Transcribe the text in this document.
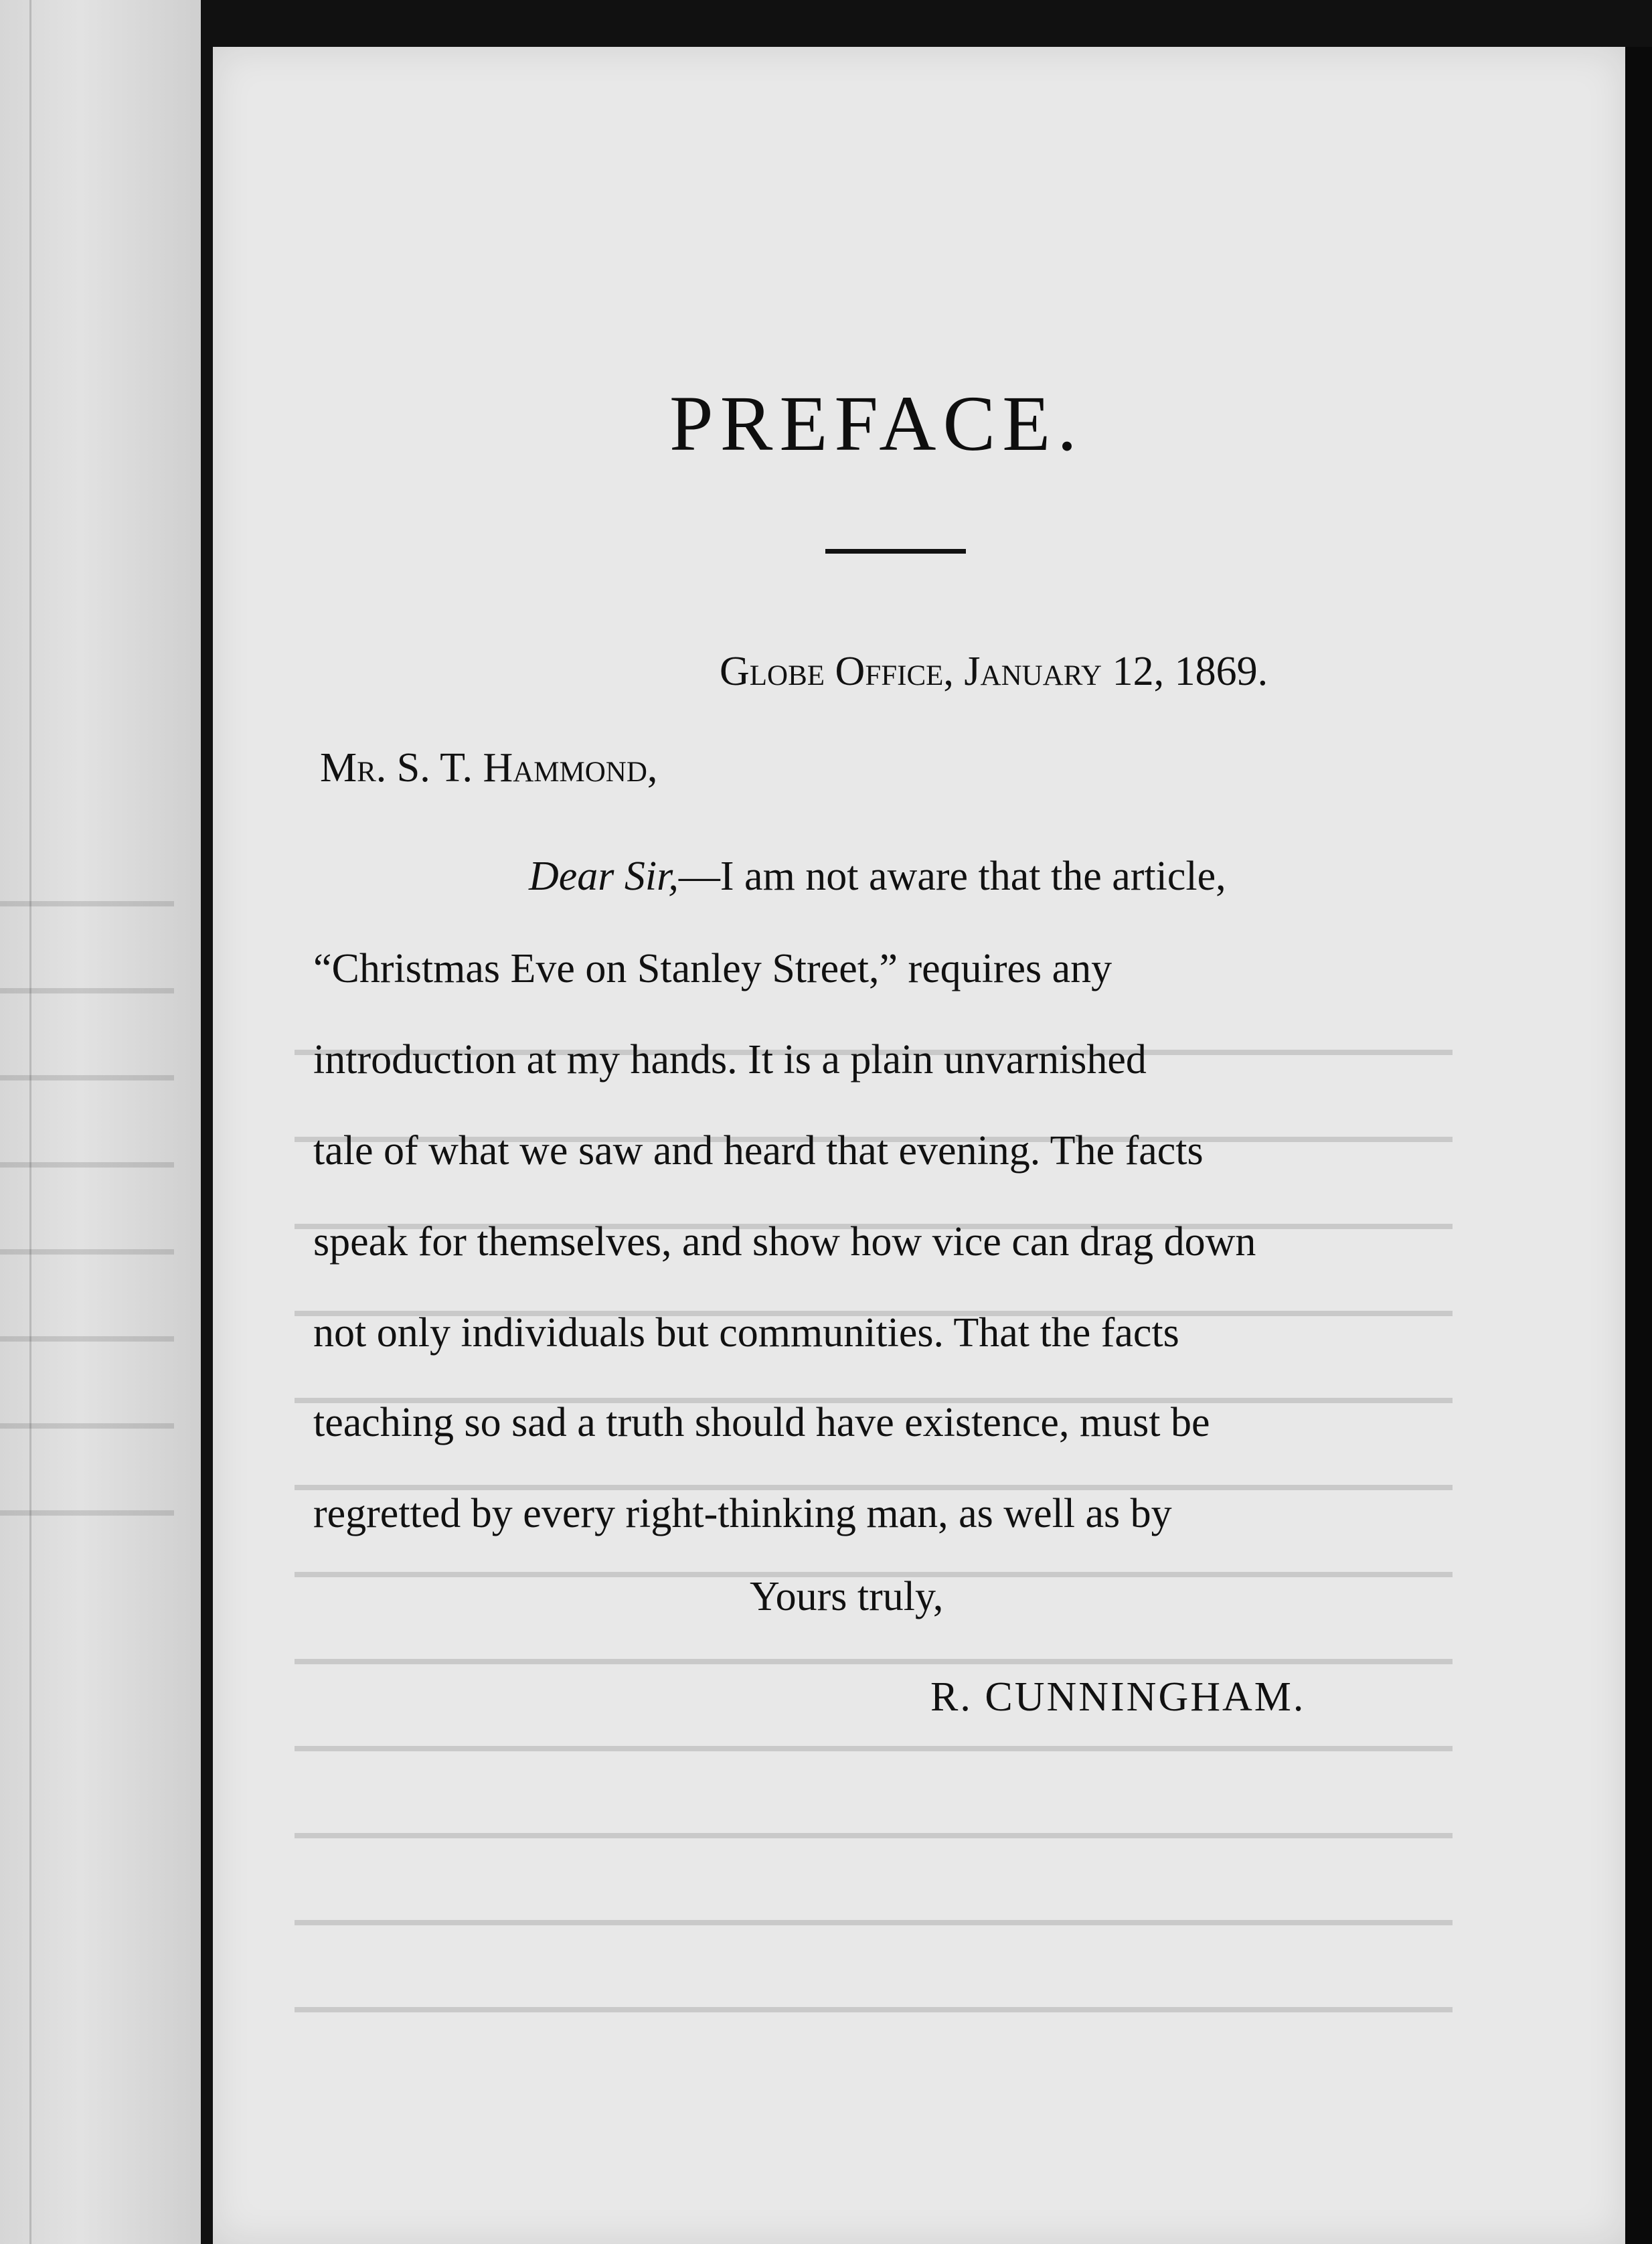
PREFACE.
Globe Office, January 12, 1869.
Mr. S. T. Hammond,
Dear Sir,—I am not aware that the article,
“Christmas Eve on Stanley Street,” requires any
introduction at my hands. It is a plain unvarnished
tale of what we saw and heard that evening. The facts
speak for themselves, and show how vice can drag down
not only individuals but communities. That the facts
teaching so sad a truth should have existence, must be
regretted by every right-thinking man, as well as by
Yours truly,
R. CUNNINGHAM.
